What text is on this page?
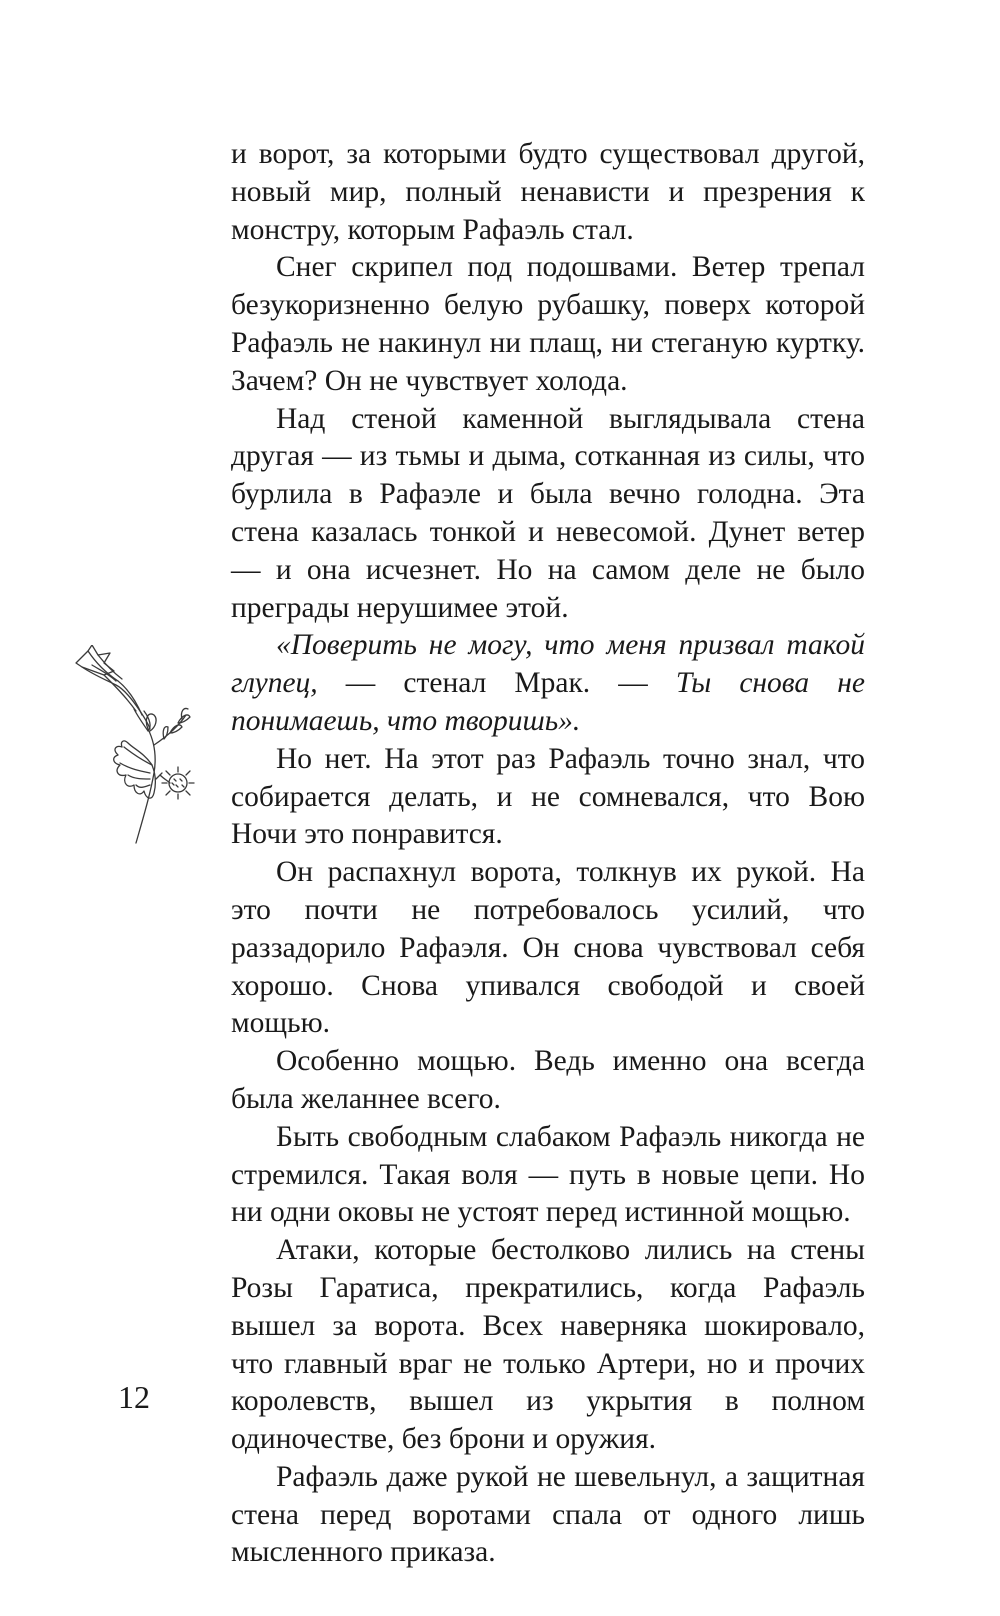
и ворот, за которыми будто существовал другой, новый мир, полный ненависти и презрения к монстру, которым Рафаэль стал.

Снег скрипел под подошвами. Ветер трепал безукоризненно белую рубашку, поверх которой Рафаэль не накинул ни плащ, ни стеганую куртку. Зачем? Он не чувствует холода.

Над стеной каменной выглядывала стена другая — из тьмы и дыма, сотканная из силы, что бурлила в Рафаэле и была вечно голодна. Эта стена казалась тонкой и невесомой. Дунет ветер — и она исчезнет. Но на самом деле не было преграды нерушимее этой.

«Поверить не могу, что меня призвал такой глупец, — стенал Мрак. — Ты снова не понимаешь, что творишь».

Но нет. На этот раз Рафаэль точно знал, что собирается делать, и не сомневался, что Вою Ночи это понравится.

Он распахнул ворота, толкнув их рукой. На это почти не потребовалось усилий, что раззадорило Рафаэля. Он снова чувствовал себя хорошо. Снова упивался свободой и своей мощью.

Особенно мощью. Ведь именно она всегда была желаннее всего.

Быть свободным слабаком Рафаэль никогда не стремился. Такая воля — путь в новые цепи. Но ни одни оковы не устоят перед истинной мощью.

Атаки, которые бестолково лились на стены Розы Гаратиса, прекратились, когда Рафаэль вышел за ворота. Всех наверняка шокировало, что главный враг не только Артери, но и прочих королевств, вышел из укрытия в полном одиночестве, без брони и оружия.

Рафаэль даже рукой не шевельнул, а защитная стена перед воротами спала от одного лишь мысленного приказа.

12
